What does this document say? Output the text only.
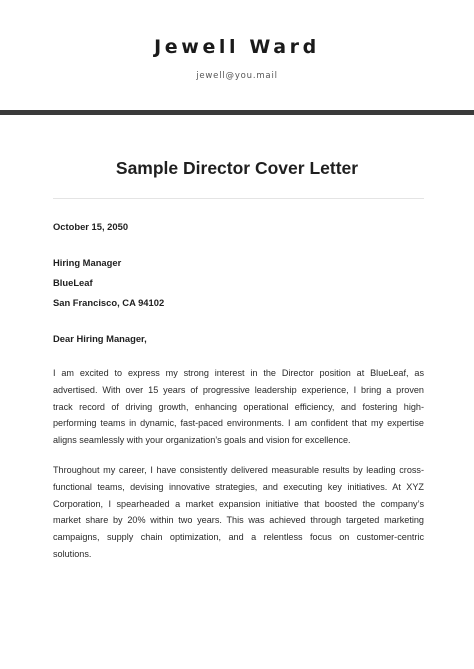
Jewell Ward
jewell@you.mail
Sample Director Cover Letter
October 15, 2050
Hiring Manager
BlueLeaf
San Francisco, CA 94102
Dear Hiring Manager,
I am excited to express my strong interest in the Director position at BlueLeaf, as
advertised. With over 15 years of progressive leadership experience, I bring a proven
track record of driving growth, enhancing operational efficiency, and fostering high-
performing teams in dynamic, fast-paced environments. I am confident that my expertise
aligns seamlessly with your organization’s goals and vision for excellence.
Throughout my career, I have consistently delivered measurable results by leading cross-
functional teams, devising innovative strategies, and executing key initiatives. At XYZ
Corporation, I spearheaded a market expansion initiative that boosted the company’s
market share by 20% within two years. This was achieved through targeted marketing
campaigns, supply chain optimization, and a relentless focus on customer-centric
solutions.
